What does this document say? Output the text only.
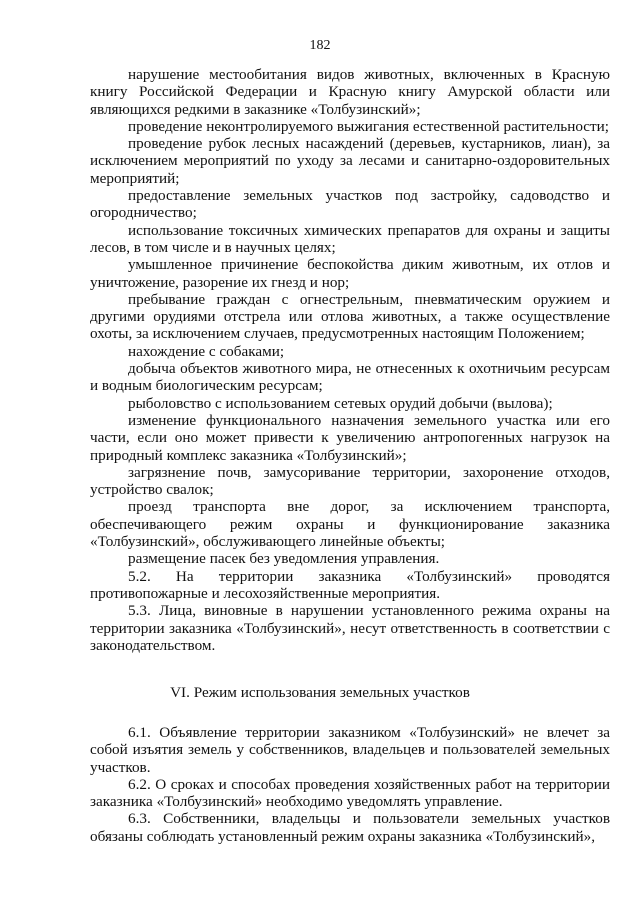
182

нарушение местообитания видов животных, включенных в Красную книгу Российской Федерации и Красную книгу Амурской области или являющихся редкими в заказнике «Толбузинский»;

проведение неконтролируемого выжигания естественной растительности;

проведение рубок лесных насаждений (деревьев, кустарников, лиан), за исключением мероприятий по уходу за лесами и санитарно-оздоровительных мероприятий;

предоставление земельных участков под застройку, садоводство и огородничество;

использование токсичных химических препаратов для охраны и защиты лесов, в том числе и в научных целях;

умышленное причинение беспокойства диким животным, их отлов и уничтожение, разорение их гнезд и нор;

пребывание граждан с огнестрельным, пневматическим оружием и другими орудиями отстрела или отлова животных, а также осуществление охоты, за исключением случаев, предусмотренных настоящим Положением;

нахождение с собаками;

добыча объектов животного мира, не отнесенных к охотничьим ресурсам и водным биологическим ресурсам;

рыболовство с использованием сетевых орудий добычи (вылова);

изменение функционального назначения земельного участка или его части, если оно может привести к увеличению антропогенных нагрузок на природный комплекс заказника «Толбузинский»;

загрязнение почв, замусоривание территории, захоронение отходов, устройство свалок;

проезд транспорта вне дорог, за исключением транспорта, обеспечивающего режим охраны и функционирование заказника «Толбузинский», обслуживающего линейные объекты;

размещение пасек без уведомления управления.

5.2. На территории заказника «Толбузинский» проводятся противопожарные и лесохозяйственные мероприятия.

5.3. Лица, виновные в нарушении установленного режима охраны на территории заказника «Толбузинский», несут ответственность в соответствии с законодательством.

VI. Режим использования земельных участков

6.1. Объявление территории заказником «Толбузинский» не влечет за собой изъятия земель у собственников, владельцев и пользователей земельных участков.

6.2. О сроках и способах проведения хозяйственных работ на территории заказника «Толбузинский» необходимо уведомлять управление.

6.3. Собственники, владельцы и пользователи земельных участков обязаны соблюдать установленный режим охраны заказника «Толбузинский»,
